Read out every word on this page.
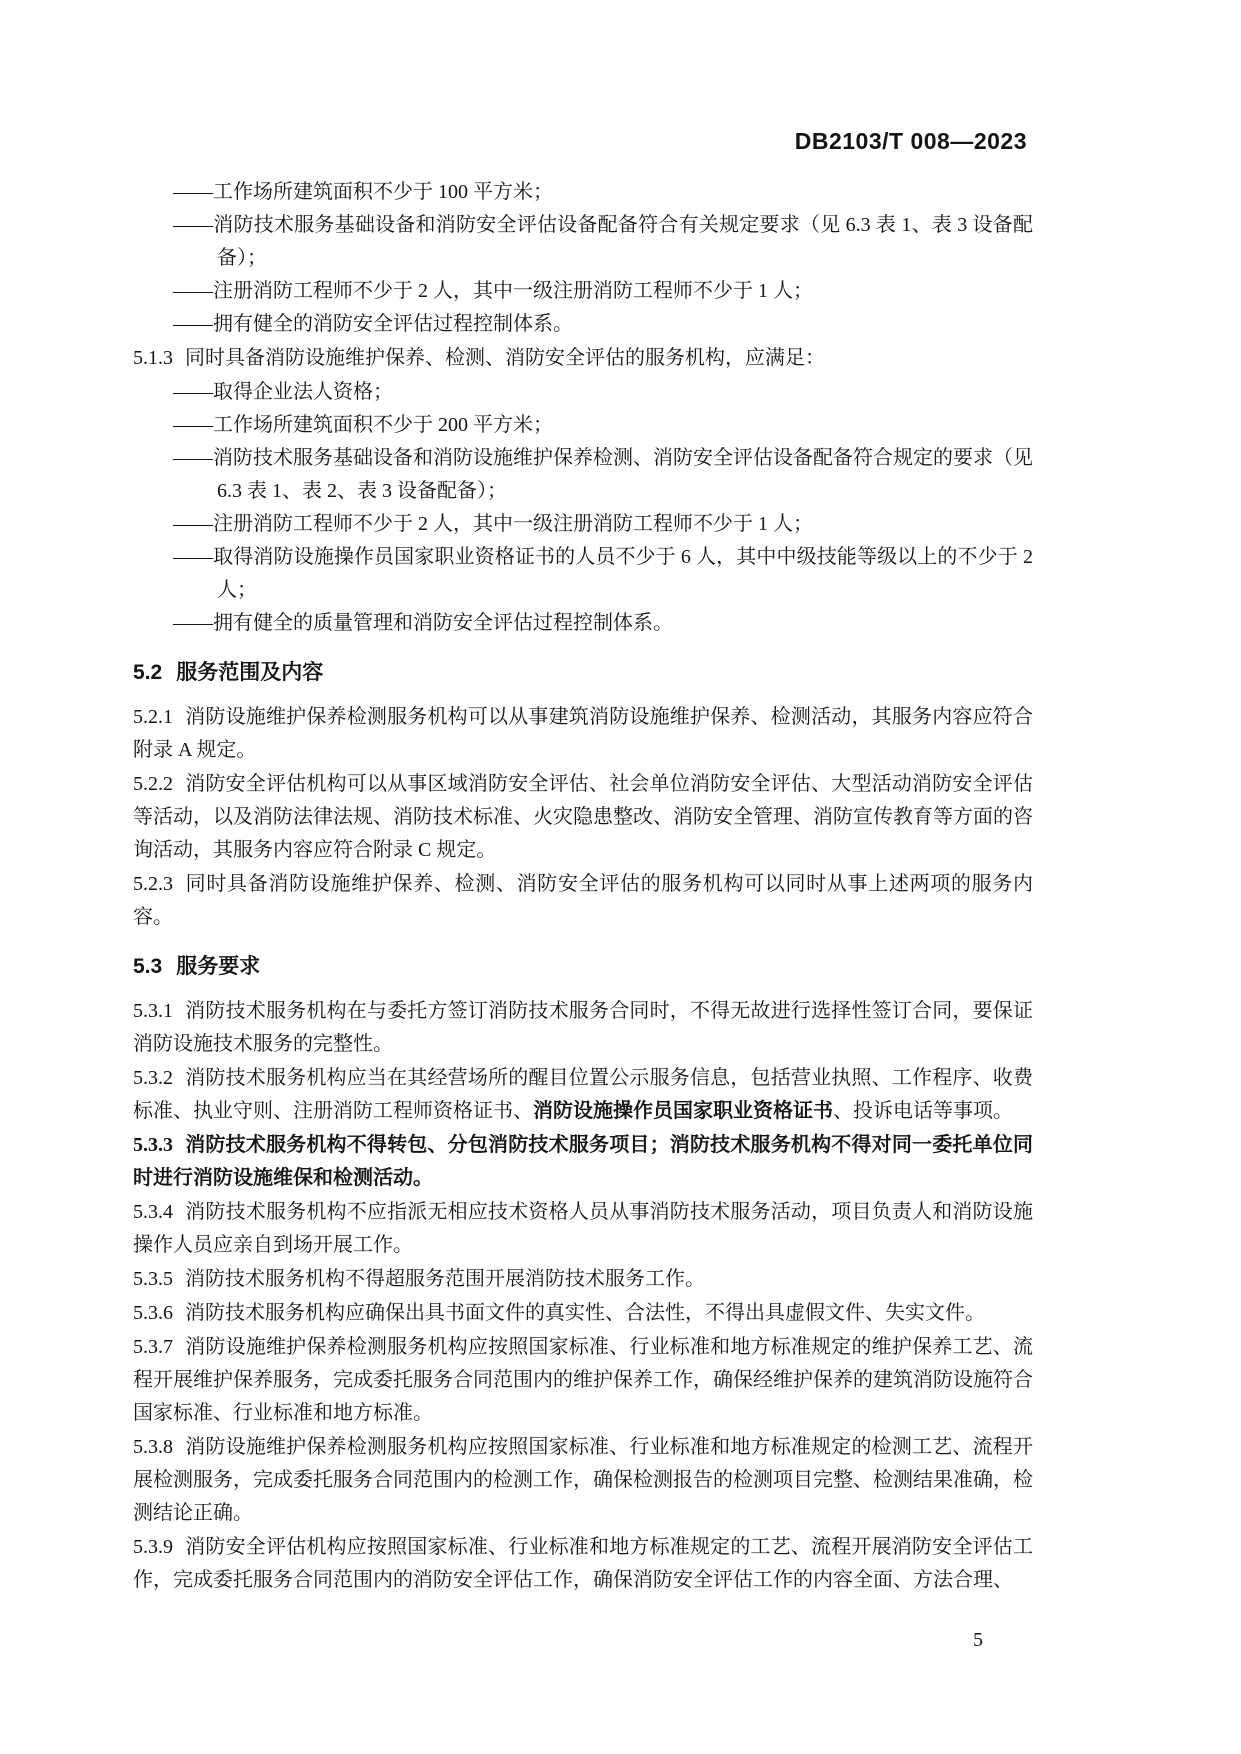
DB2103/T 008—2023
——工作场所建筑面积不少于 100 平方米；
——消防技术服务基础设备和消防安全评估设备配备符合有关规定要求（见 6.3 表 1、表 3 设备配备）；
——注册消防工程师不少于 2 人，其中一级注册消防工程师不少于 1 人；
——拥有健全的消防安全评估过程控制体系。
5.1.3 同时具备消防设施维护保养、检测、消防安全评估的服务机构，应满足：
——取得企业法人资格；
——工作场所建筑面积不少于 200 平方米；
——消防技术服务基础设备和消防设施维护保养检测、消防安全评估设备配备符合规定的要求（见 6.3 表 1、表 2、表 3 设备配备）；
——注册消防工程师不少于 2 人，其中一级注册消防工程师不少于 1 人；
——取得消防设施操作员国家职业资格证书的人员不少于 6 人，其中中级技能等级以上的不少于 2 人；
——拥有健全的质量管理和消防安全评估过程控制体系。
5.2 服务范围及内容
5.2.1 消防设施维护保养检测服务机构可以从事建筑消防设施维护保养、检测活动，其服务内容应符合附录 A 规定。
5.2.2 消防安全评估机构可以从事区域消防安全评估、社会单位消防安全评估、大型活动消防安全评估等活动，以及消防法律法规、消防技术标准、火灾隐患整改、消防安全管理、消防宣传教育等方面的咨询活动，其服务内容应符合附录 C 规定。
5.2.3 同时具备消防设施维护保养、检测、消防安全评估的服务机构可以同时从事上述两项的服务内容。
5.3 服务要求
5.3.1 消防技术服务机构在与委托方签订消防技术服务合同时，不得无故进行选择性签订合同，要保证消防设施技术服务的完整性。
5.3.2 消防技术服务机构应当在其经营场所的醒目位置公示服务信息，包括营业执照、工作程序、收费标准、执业守则、注册消防工程师资格证书、消防设施操作员国家职业资格证书、投诉电话等事项。
5.3.3 消防技术服务机构不得转包、分包消防技术服务项目；消防技术服务机构不得对同一委托单位同时进行消防设施维保和检测活动。
5.3.4 消防技术服务机构不应指派无相应技术资格人员从事消防技术服务活动，项目负责人和消防设施操作人员应亲自到场开展工作。
5.3.5 消防技术服务机构不得超服务范围开展消防技术服务工作。
5.3.6 消防技术服务机构应确保出具书面文件的真实性、合法性，不得出具虚假文件、失实文件。
5.3.7 消防设施维护保养检测服务机构应按照国家标准、行业标准和地方标准规定的维护保养工艺、流程开展维护保养服务，完成委托服务合同范围内的维护保养工作，确保经维护保养的建筑消防设施符合国家标准、行业标准和地方标准。
5.3.8 消防设施维护保养检测服务机构应按照国家标准、行业标准和地方标准规定的检测工艺、流程开展检测服务，完成委托服务合同范围内的检测工作，确保检测报告的检测项目完整、检测结果准确，检测结论正确。
5.3.9 消防安全评估机构应按照国家标准、行业标准和地方标准规定的工艺、流程开展消防安全评估工作，完成委托服务合同范围内的消防安全评估工作，确保消防安全评估工作的内容全面、方法合理、
5
